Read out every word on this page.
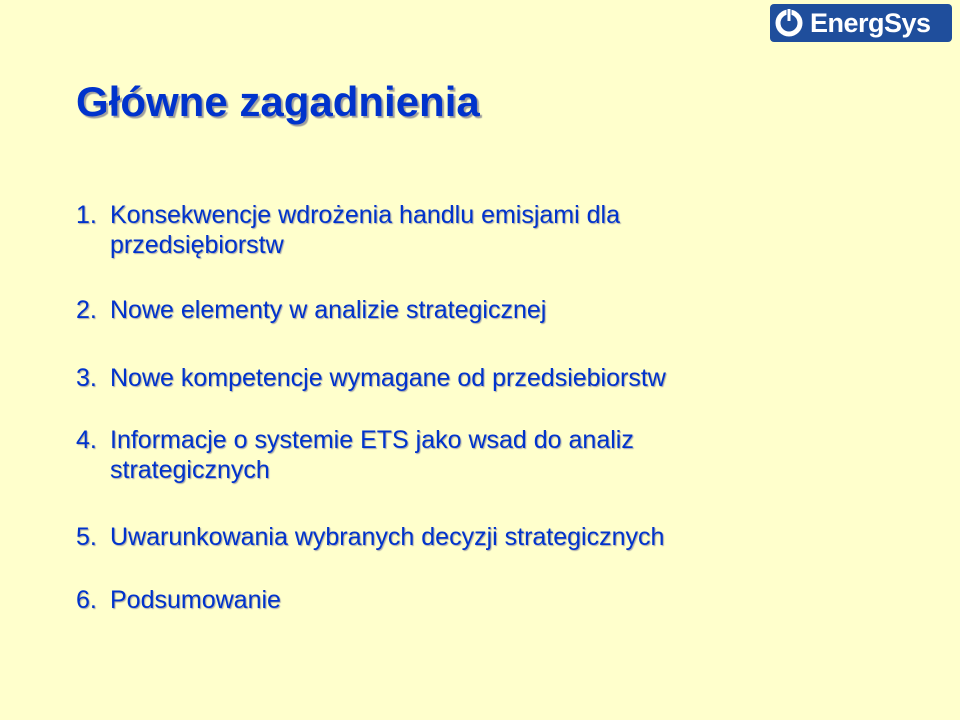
EnergSys
Główne zagadnienia
1. Konsekwencje wdrożenia handlu emisjami dla
przedsiębiorstw
2. Nowe elementy w analizie strategicznej
3. Nowe kompetencje wymagane od przedsiebiorstw
4. Informacje o systemie ETS jako wsad do analiz
strategicznych
5. Uwarunkowania wybranych decyzji strategicznych
6. Podsumowanie
